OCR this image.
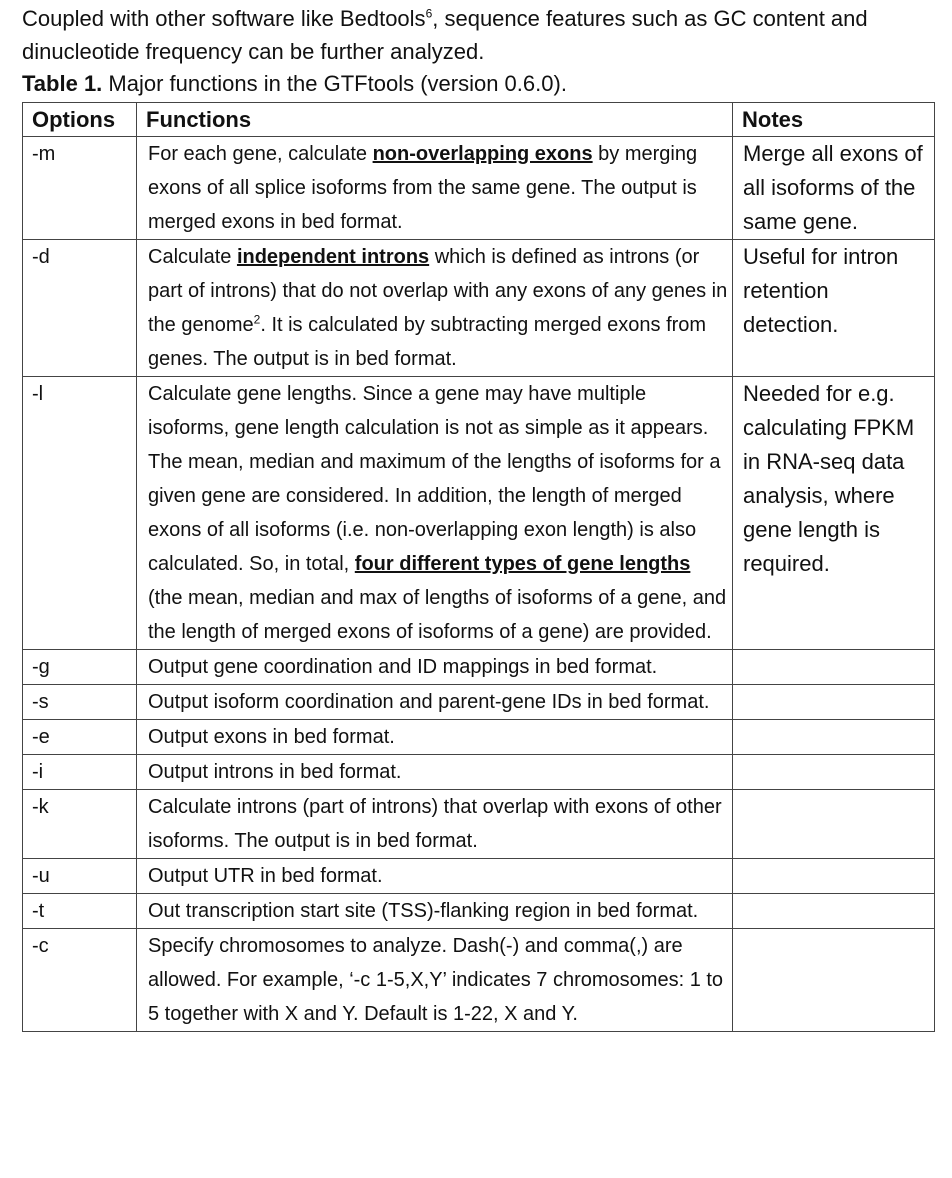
Coupled with other software like Bedtools$^6$, sequence features such as GC content and dinucleotide frequency can be further analyzed.

Table 1. Major functions in the GTFtools (version 0.6.0).

Options	Functions	Notes
-m	For each gene, calculate non-overlapping exons by merging exons of all splice isoforms from the same gene. The output is merged exons in bed format.	Merge all exons of all isoforms of the same gene.
-d	Calculate independent introns which is defined as introns (or part of introns) that do not overlap with any exons of any genes in the genome$^2$. It is calculated by subtracting merged exons from genes. The output is in bed format.	Useful for intron retention detection.
-l	Calculate gene lengths. Since a gene may have multiple isoforms, gene length calculation is not as simple as it appears. The mean, median and maximum of the lengths of isoforms for a given gene are considered. In addition, the length of merged exons of all isoforms (i.e. non-overlapping exon length) is also calculated. So, in total, four different types of gene lengths (the mean, median and max of lengths of isoforms of a gene, and the length of merged exons of isoforms of a gene) are provided.	Needed for e.g. calculating FPKM in RNA-seq data analysis, where gene length is required.
-g	Output gene coordination and ID mappings in bed format.	
-s	Output isoform coordination and parent-gene IDs in bed format.	
-e	Output exons in bed format.	
-i	Output introns in bed format.	
-k	Calculate introns (part of introns) that overlap with exons of other isoforms. The output is in bed format.	
-u	Output UTR in bed format.	
-t	Out transcription start site (TSS)-flanking region in bed format.	
-c	Specify chromosomes to analyze. Dash(-) and comma(,) are allowed. For example, ‘-c 1-5,X,Y’ indicates 7 chromosomes: 1 to 5 together with X and Y. Default is 1-22, X and Y.	
